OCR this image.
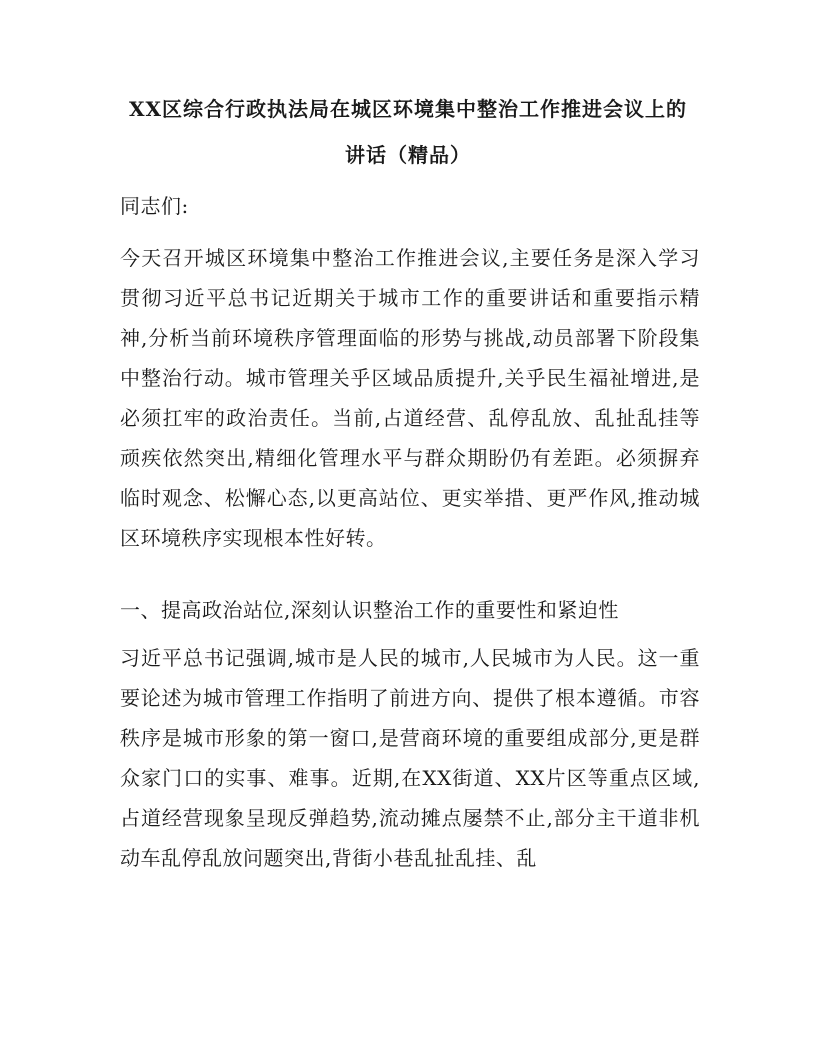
XX区综合行政执法局在城区环境集中整治工作推进会议上的
讲话（精品）

同志们:

今天召开城区环境集中整治工作推进会议,主要任务是深入学习贯彻习近平总书记近期关于城市工作的重要讲话和重要指示精神,分析当前环境秩序管理面临的形势与挑战,动员部署下阶段集中整治行动。城市管理关乎区域品质提升,关乎民生福祉增进,是必须扛牢的政治责任。当前,占道经营、乱停乱放、乱扯乱挂等顽疾依然突出,精细化管理水平与群众期盼仍有差距。必须摒弃临时观念、松懈心态,以更高站位、更实举措、更严作风,推动城区环境秩序实现根本性好转。

一、提高政治站位,深刻认识整治工作的重要性和紧迫性

习近平总书记强调,城市是人民的城市,人民城市为人民。这一重要论述为城市管理工作指明了前进方向、提供了根本遵循。市容秩序是城市形象的第一窗口,是营商环境的重要组成部分,更是群众家门口的实事、难事。近期,在XX街道、XX片区等重点区域,占道经营现象呈现反弹趋势,流动摊点屡禁不止,部分主干道非机动车乱停乱放问题突出,背街小巷乱扯乱挂、乱
